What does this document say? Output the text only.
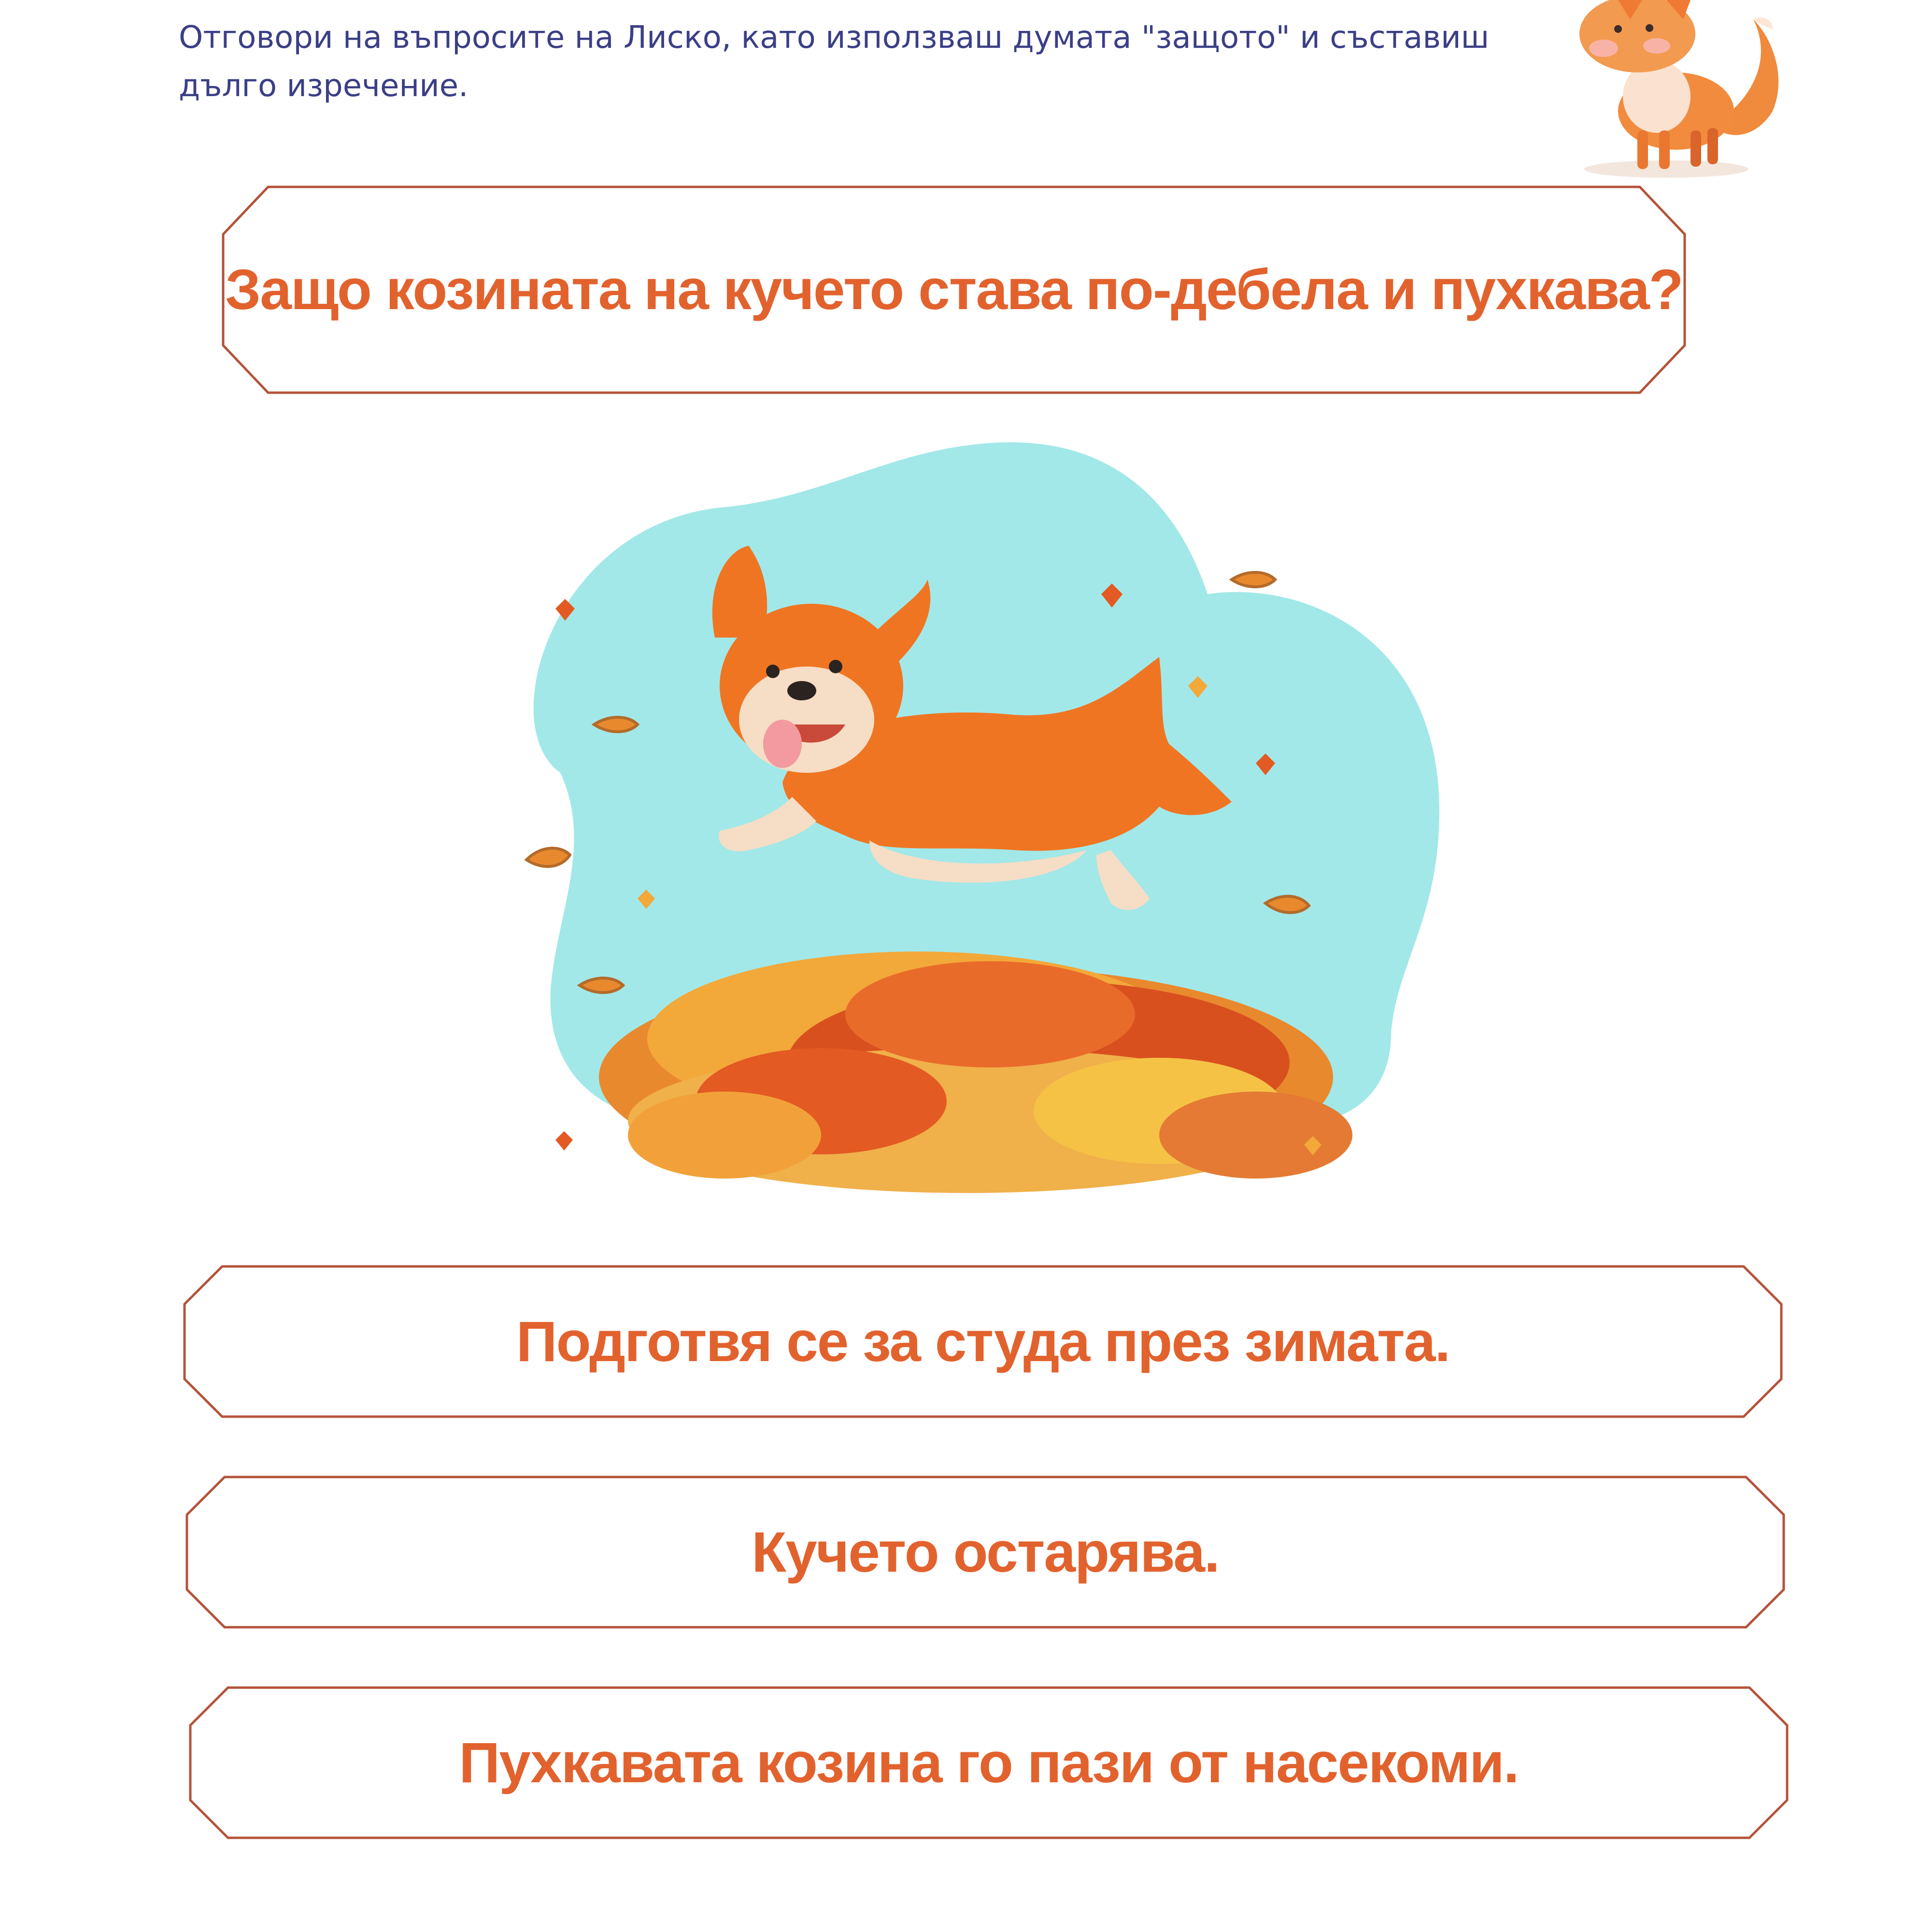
Отговори на въпросите на Лиско, като използваш думата "защото" и съставиш дълго изречение.

Защо козината на кучето става по-дебела и пухкава?
Подготвя се за студа през зимата.
Кучето остарява.
Пухкавата козина го пази от насекоми.
